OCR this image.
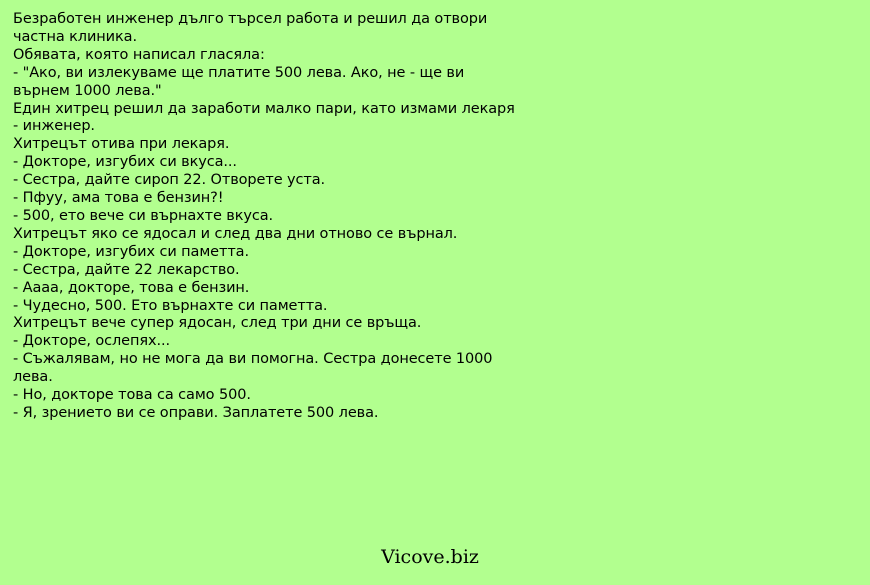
Безработен инженер дълго търсел работа и решил да отвори
частна клиника.
Обявата, която написал гласяла:
- "Ако, ви излекуваме ще платите 500 лева. Ако, не - ще ви
върнем 1000 лева."
Един хитрец решил да заработи малко пари, като измами лекаря
- инженер.
Хитрецът отива при лекаря.
- Докторе, изгубих си вкуса...
- Сестра, дайте сироп 22. Отворете уста.
- Пфуу, ама това е бензин?!
- 500, ето вече си върнахте вкуса.
Хитрецът яко се ядосал и след два дни отново се върнал.
- Докторе, изгубих си паметта.
- Сестра, дайте 22 лекарство.
- Аааа, докторе, това е бензин.
- Чудесно, 500. Ето върнахте си паметта.
Хитрецът вече супер ядосан, след три дни се връща.
- Докторе, ослепях...
- Съжалявам, но не мога да ви помогна. Сестра донесете 1000
лева.
- Но, докторе това са само 500.
- Я, зрението ви се оправи. Заплатете 500 лева.
Vicove.biz
